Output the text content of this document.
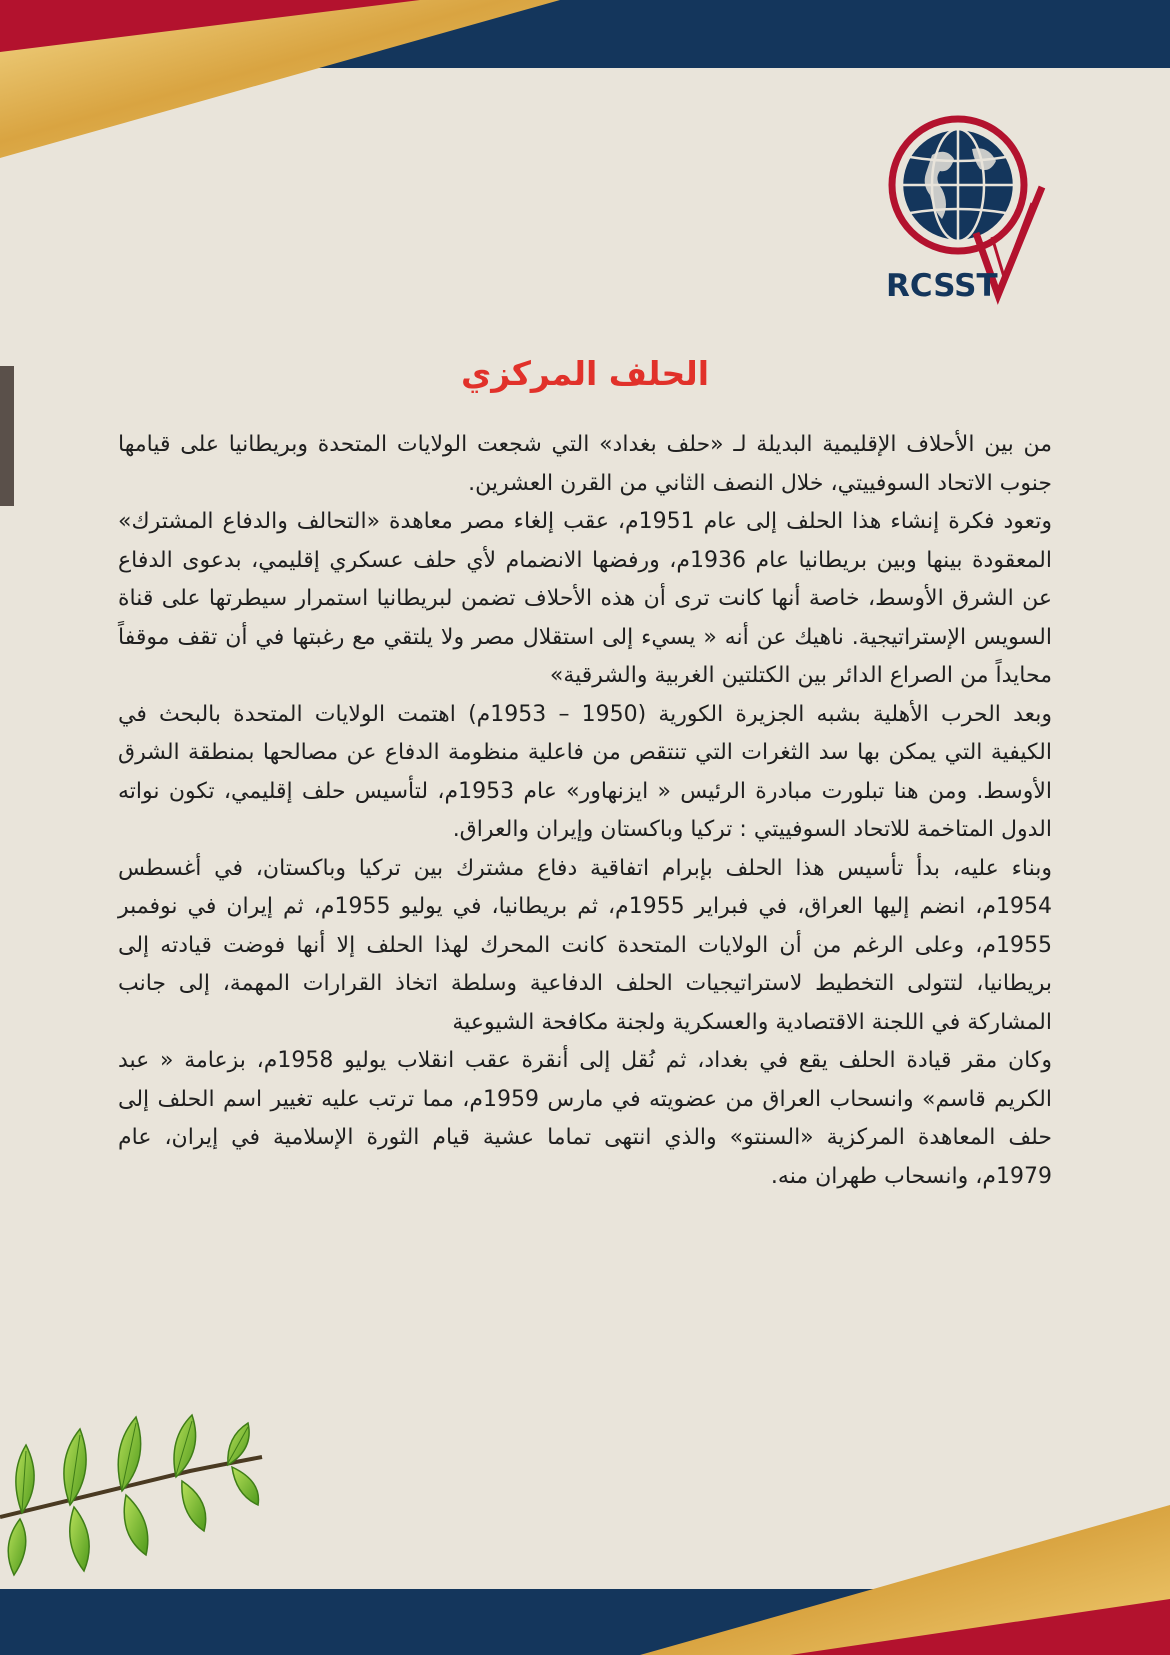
RCSST
الحلف المركزي

من بين الأحلاف الإقليمية البديلة لـ «حلف بغداد» التي شجعت الولايات المتحدة وبريطانيا على قيامها جنوب الاتحاد السوفييتي، خلال النصف الثاني من القرن العشرين.

وتعود فكرة إنشاء هذا الحلف إلى عام 1951م، عقب إلغاء مصر معاهدة «التحالف والدفاع المشترك» المعقودة بينها وبين بريطانيا عام 1936م، ورفضها الانضمام لأي حلف عسكري إقليمي، بدعوى الدفاع عن الشرق الأوسط، خاصة أنها كانت ترى أن هذه الأحلاف تضمن لبريطانيا استمرار سيطرتها على قناة السويس الإستراتيجية. ناهيك عن أنه « يسيء إلى استقلال مصر ولا يلتقي مع رغبتها في أن تقف موقفاً محايداً من الصراع الدائر بين الكتلتين الغربية والشرقية»

وبعد الحرب الأهلية بشبه الجزيرة الكورية (1950 – 1953م) اهتمت الولايات المتحدة بالبحث في الكيفية التي يمكن بها سد الثغرات التي تنتقص من فاعلية منظومة الدفاع عن مصالحها بمنطقة الشرق الأوسط. ومن هنا تبلورت مبادرة الرئيس « ايزنهاور» عام 1953م، لتأسيس حلف إقليمي، تكون نواته الدول المتاخمة للاتحاد السوفييتي : تركيا وباكستان وإيران والعراق.

وبناء عليه، بدأ تأسيس هذا الحلف بإبرام اتفاقية دفاع مشترك بين تركيا وباكستان، في أغسطس 1954م، انضم إليها العراق، في فبراير 1955م، ثم بريطانيا، في يوليو 1955م، ثم إيران في نوفمبر 1955م، وعلى الرغم من أن الولايات المتحدة كانت المحرك لهذا الحلف إلا أنها فوضت قيادته إلى بريطانيا، لتتولى التخطيط لاستراتيجيات الحلف الدفاعية وسلطة اتخاذ القرارات المهمة، إلى جانب المشاركة في اللجنة الاقتصادية والعسكرية ولجنة مكافحة الشيوعية

وكان مقر قيادة الحلف يقع في بغداد، ثم نُقل إلى أنقرة عقب انقلاب يوليو 1958م، بزعامة « عبد الكريم قاسم» وانسحاب العراق من عضويته في مارس 1959م، مما ترتب عليه تغيير اسم الحلف إلى حلف المعاهدة المركزية «السنتو» والذي انتهى تماما عشية قيام الثورة الإسلامية في إيران، عام 1979م، وانسحاب طهران منه.
